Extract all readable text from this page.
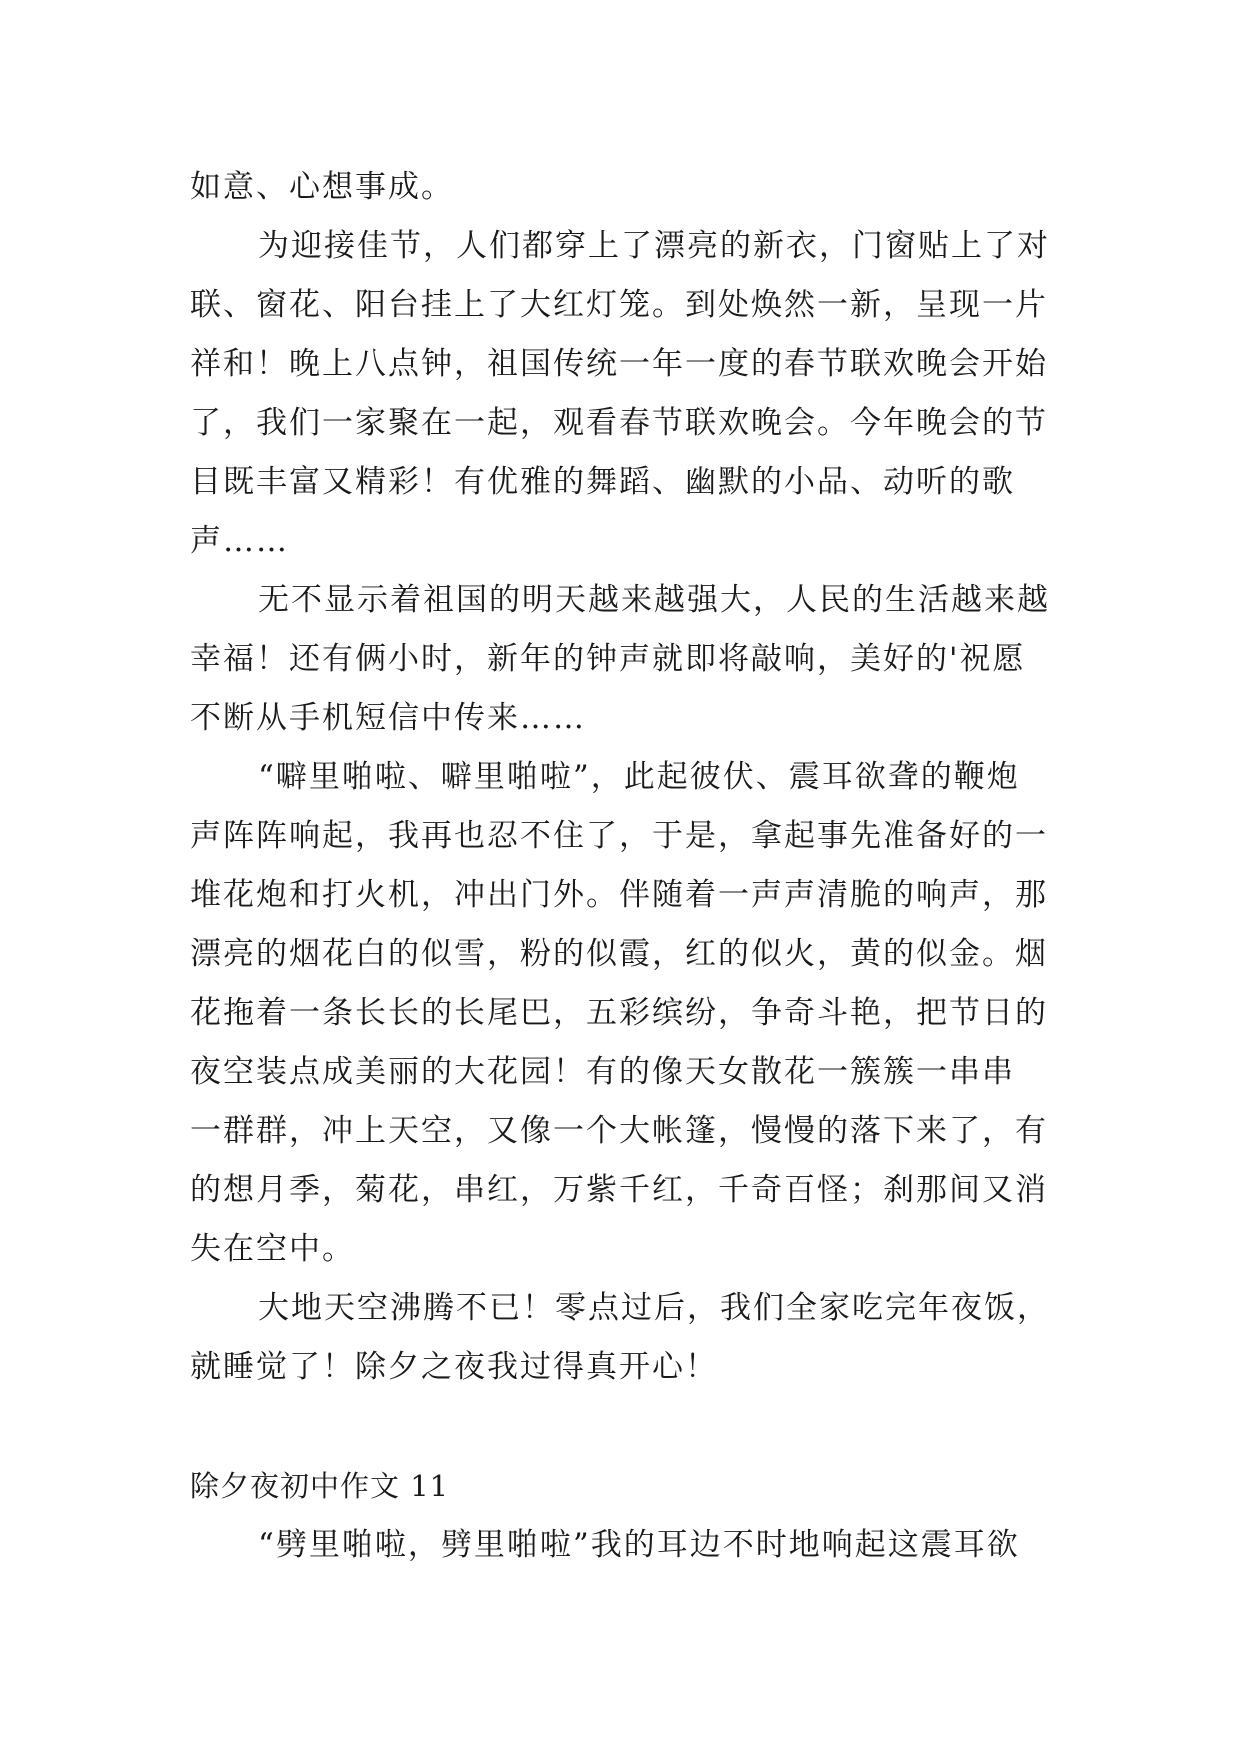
如意、心想事成。
为迎接佳节，人们都穿上了漂亮的新衣，门窗贴上了对
联、窗花、阳台挂上了大红灯笼。到处焕然一新，呈现一片
祥和！晚上八点钟，祖国传统一年一度的春节联欢晚会开始
了，我们一家聚在一起，观看春节联欢晚会。今年晚会的节
目既丰富又精彩！有优雅的舞蹈、幽默的小品、动听的歌
声……
无不显示着祖国的明天越来越强大，人民的生活越来越
幸福！还有俩小时，新年的钟声就即将敲响，美好的'祝愿
不断从手机短信中传来……
“噼里啪啦、噼里啪啦”，此起彼伏、震耳欲聋的鞭炮
声阵阵响起，我再也忍不住了，于是，拿起事先准备好的一
堆花炮和打火机，冲出门外。伴随着一声声清脆的响声，那
漂亮的烟花白的似雪，粉的似霞，红的似火，黄的似金。烟
花拖着一条长长的长尾巴，五彩缤纷，争奇斗艳，把节日的
夜空装点成美丽的大花园！有的像天女散花一簇簇一串串
一群群，冲上天空，又像一个大帐篷，慢慢的落下来了，有
的想月季，菊花，串红，万紫千红，千奇百怪；刹那间又消
失在空中。
大地天空沸腾不已！零点过后，我们全家吃完年夜饭，
就睡觉了！除夕之夜我过得真开心！
除夕夜初中作文 11
“劈里啪啦，劈里啪啦”我的耳边不时地响起这震耳欲
